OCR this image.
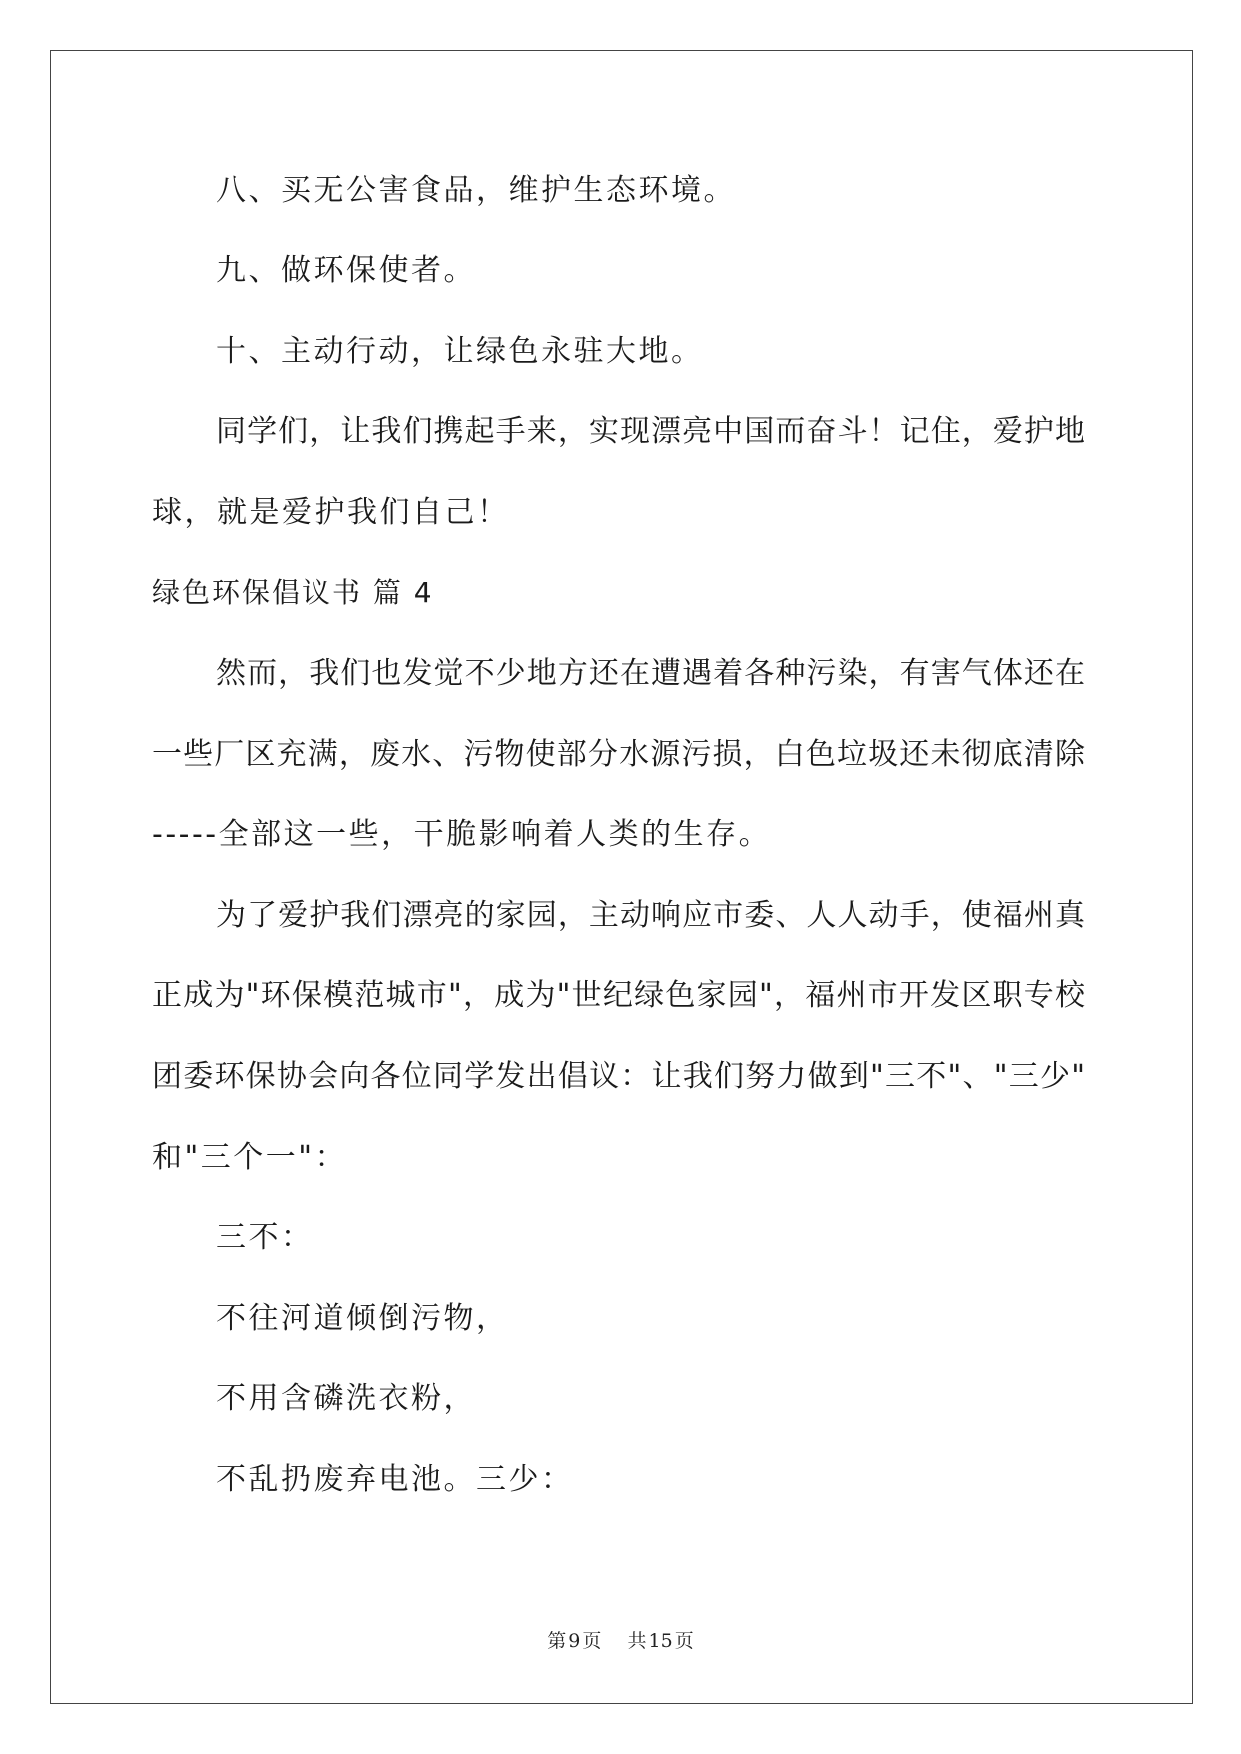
八、买无公害食品，维护生态环境。
九、做环保使者。
十、主动行动，让绿色永驻大地。
同学们，让我们携起手来，实现漂亮中国而奋斗！记住，爱护地
球，就是爱护我们自己！
绿色环保倡议书 篇 4
然而，我们也发觉不少地方还在遭遇着各种污染，有害气体还在
一些厂区充满，废水、污物使部分水源污损，白色垃圾还未彻底清除
-----全部这一些，干脆影响着人类的生存。
为了爱护我们漂亮的家园，主动响应市委、人人动手，使福州真
正成为"环保模范城市"，成为"世纪绿色家园"，福州市开发区职专校
团委环保协会向各位同学发出倡议：让我们努力做到"三不"、"三少"
和"三个一"：
三不：
不往河道倾倒污物，
不用含磷洗衣粉，
不乱扔废弃电池。三少：
第 9 页 共 15 页
